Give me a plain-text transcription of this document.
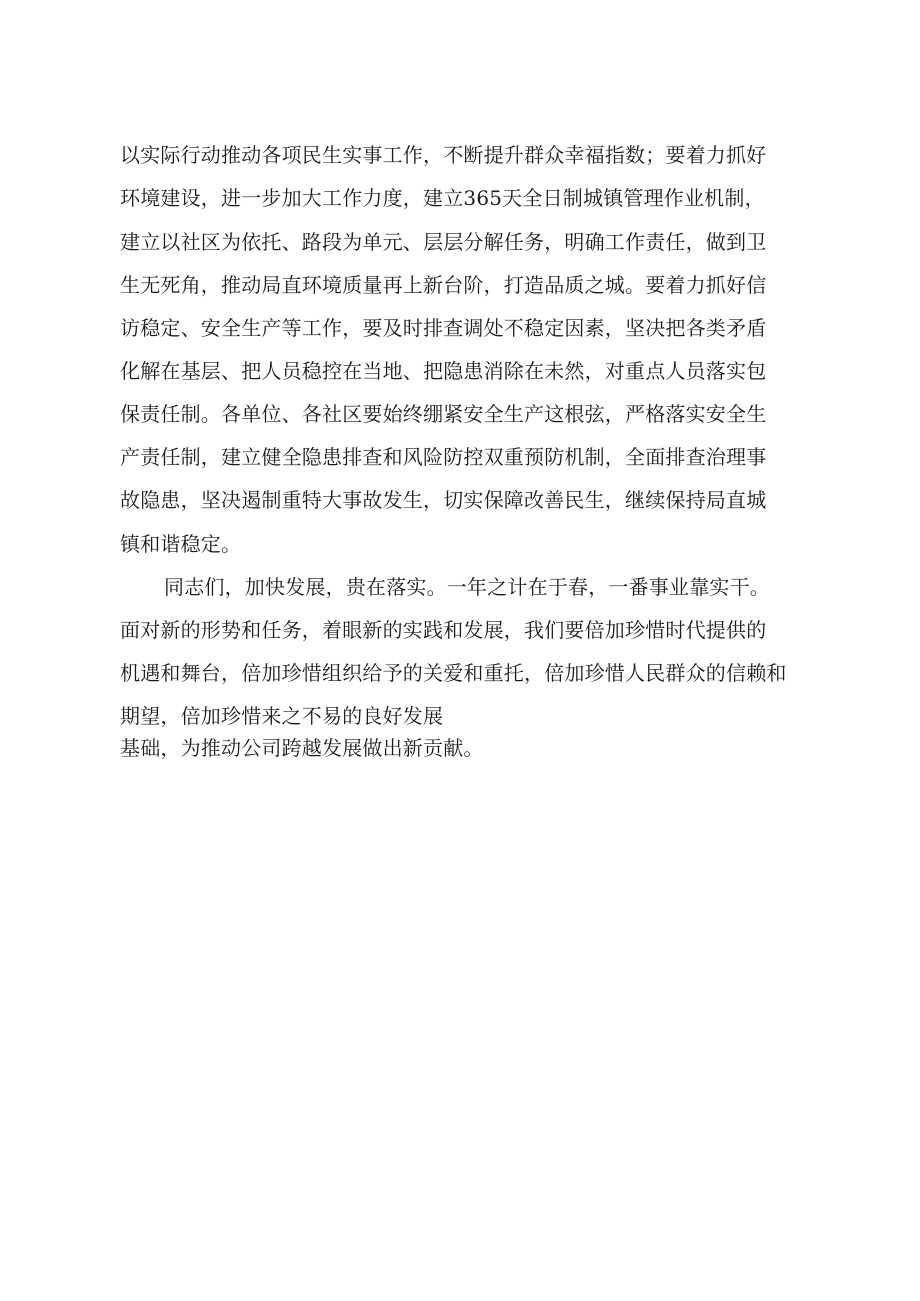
以实际行动推动各项民生实事工作，不断提升群众幸福指数；要着力抓好
环境建设，进一步加大工作力度，建立365天全日制城镇管理作业机制，
建立以社区为依托、路段为单元、层层分解任务，明确工作责任，做到卫
生无死角，推动局直环境质量再上新台阶，打造品质之城。要着力抓好信
访稳定、安全生产等工作，要及时排查调处不稳定因素，坚决把各类矛盾
化解在基层、把人员稳控在当地、把隐患消除在未然，对重点人员落实包
保责任制。各单位、各社区要始终绷紧安全生产这根弦，严格落实安全生
产责任制，建立健全隐患排查和风险防控双重预防机制，全面排查治理事
故隐患，坚决遏制重特大事故发生，切实保障改善民生，继续保持局直城
镇和谐稳定。
同志们，加快发展，贵在落实。一年之计在于春，一番事业靠实干。
面对新的形势和任务，着眼新的实践和发展，我们要倍加珍惜时代提供的
机遇和舞台，倍加珍惜组织给予的关爱和重托，倍加珍惜人民群众的信赖和
期望，倍加珍惜来之不易的良好发展
基础，为推动公司跨越发展做出新贡献。
